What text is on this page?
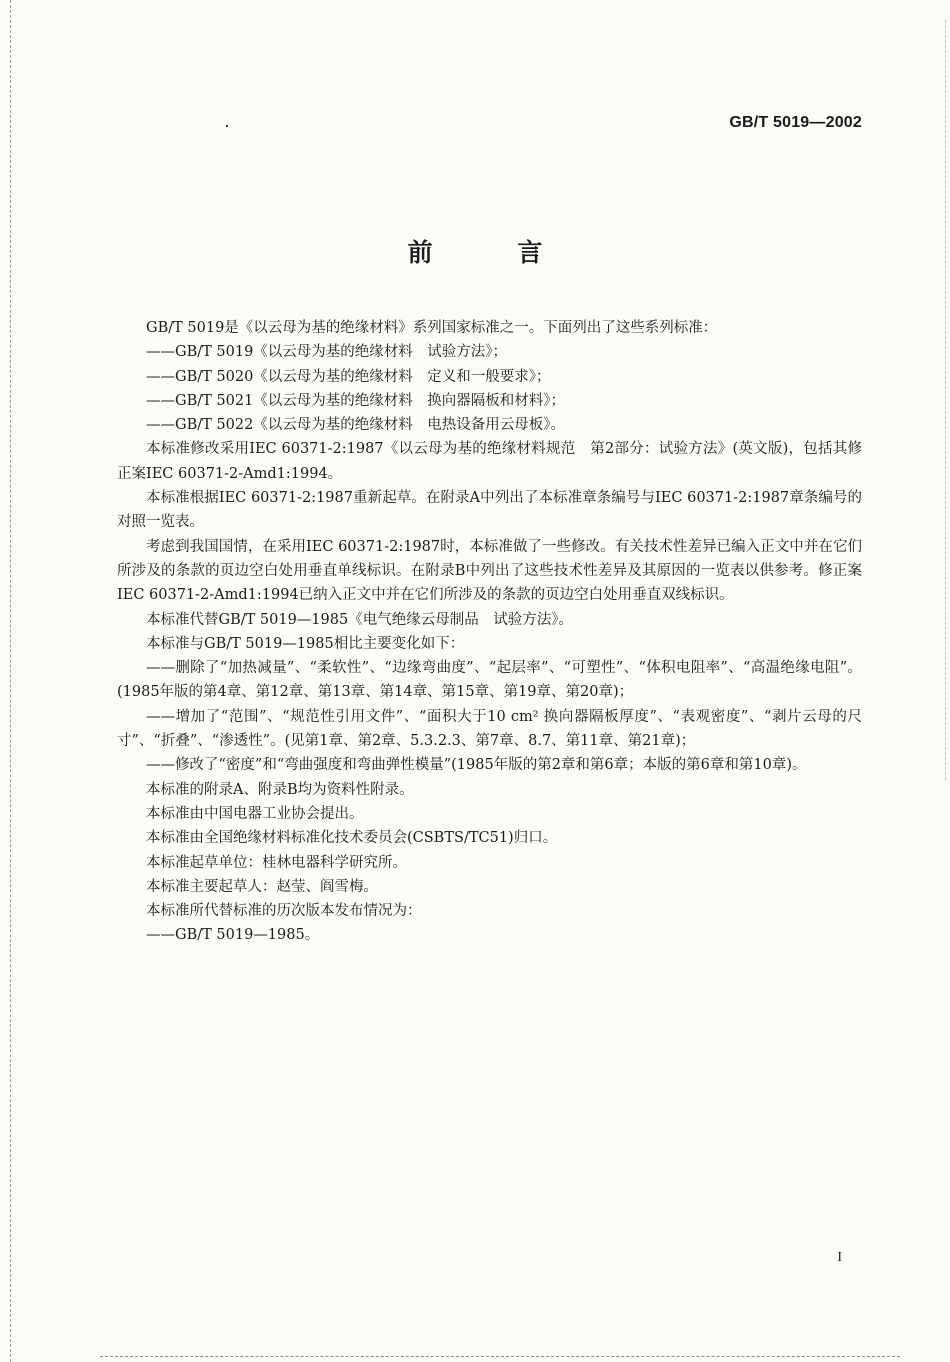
GB/T 5019—2002
前 言

GB/T 5019是《以云母为基的绝缘材料》系列国家标准之一。下面列出了这些系列标准：

——GB/T 5019《以云母为基的绝缘材料　试验方法》；

——GB/T 5020《以云母为基的绝缘材料　定义和一般要求》；

——GB/T 5021《以云母为基的绝缘材料　换向器隔板和材料》；

——GB/T 5022《以云母为基的绝缘材料　电热设备用云母板》。

本标准修改采用IEC 60371-2:1987《以云母为基的绝缘材料规范　第2部分：试验方法》(英文版)，包括其修正案IEC 60371-2-Amd1:1994。

本标准根据IEC 60371-2:1987重新起草。在附录A中列出了本标准章条编号与IEC 60371-2:1987章条编号的对照一览表。

考虑到我国国情，在采用IEC 60371-2:1987时，本标准做了一些修改。有关技术性差异已编入正文中并在它们所涉及的条款的页边空白处用垂直单线标识。在附录B中列出了这些技术性差异及其原因的一览表以供参考。修正案IEC 60371-2-Amd1:1994已纳入正文中并在它们所涉及的条款的页边空白处用垂直双线标识。

本标准代替GB/T 5019—1985《电气绝缘云母制品　试验方法》。

本标准与GB/T 5019—1985相比主要变化如下：

——删除了“加热减量”、“柔软性”、“边缘弯曲度”、“起层率”、“可塑性”、“体积电阻率”、“高温绝缘电阻”。(1985年版的第4章、第12章、第13章、第14章、第15章、第19章、第20章)；

——增加了“范围”、“规范性引用文件”、“面积大于10 cm² 换向器隔板厚度”、“表观密度”、“剥片云母的尺寸”、“折叠”、“渗透性”。(见第1章、第2章、5.3.2.3、第7章、8.7、第11章、第21章)；

——修改了“密度”和“弯曲强度和弯曲弹性模量”(1985年版的第2章和第6章；本版的第6章和第10章)。

本标准的附录A、附录B均为资料性附录。

本标准由中国电器工业协会提出。

本标准由全国绝缘材料标准化技术委员会(CSBTS/TC51)归口。

本标准起草单位：桂林电器科学研究所。

本标准主要起草人：赵莹、阎雪梅。

本标准所代替标准的历次版本发布情况为：

——GB/T 5019—1985。

I
